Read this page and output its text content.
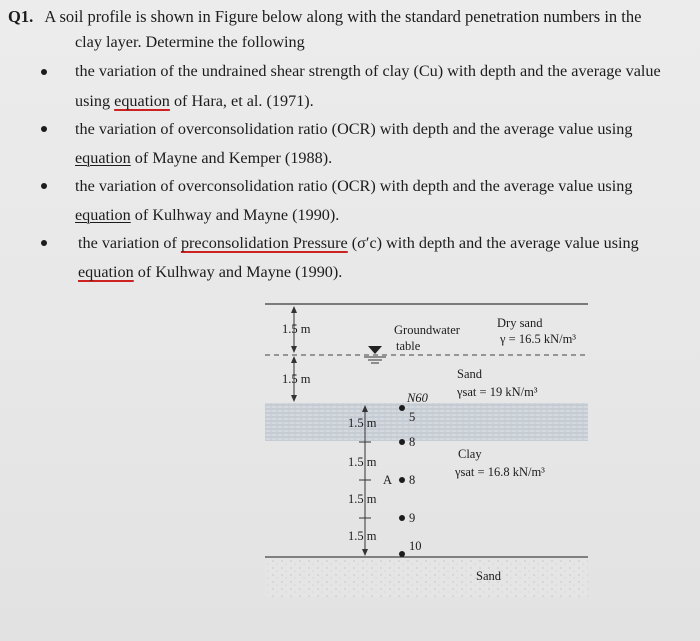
Q1. A soil profile is shown in Figure below along with the standard penetration numbers in the
clay layer. Determine the following
the variation of the undrained shear strength of clay (Cu) with depth and the average value
using equation of Hara, et al. (1971).
the variation of overconsolidation ratio (OCR) with depth and the average value using
equation of Mayne and Kemper (1988).
the variation of overconsolidation ratio (OCR) with depth and the average value using
equation of Kulhway and Mayne (1990).
the variation of preconsolidation Pressure (σ′c) with depth and the average value using
equation of Kulhway and Mayne (1990).
1.5 m
1.5 m
Groundwater
table
Dry sand
γ = 16.5 kN/m³
Sand
γsat = 19 kN/m³
N60
1.5 m
1.5 m
1.5 m
1.5 m
5
8
A 8
9
10
Clay
γsat = 16.8 kN/m³
Sand
